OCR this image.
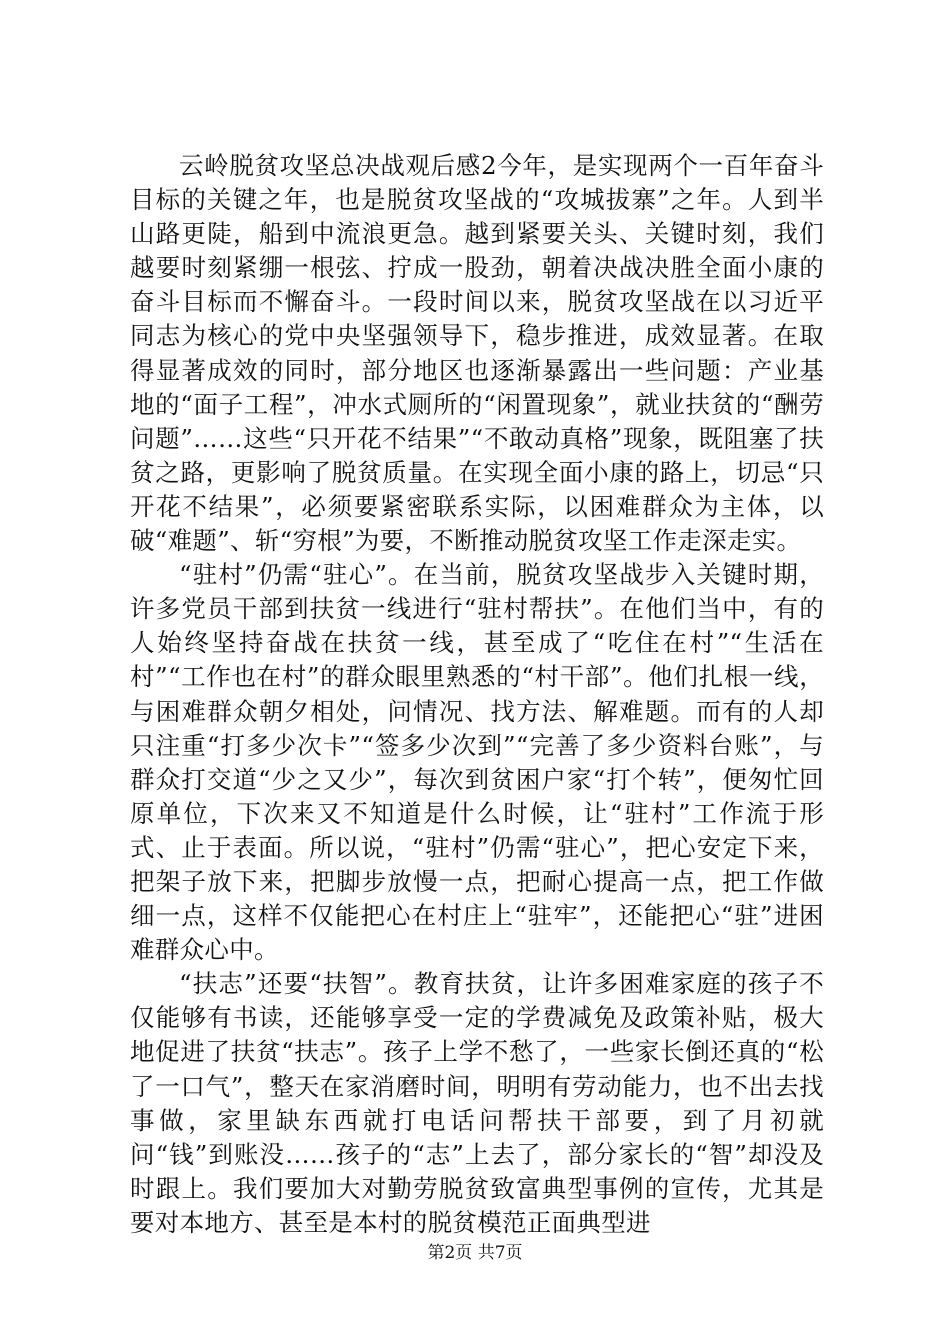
云岭脱贫攻坚总决战观后感2今年，是实现两个一百年奋斗目标的关键之年，也是脱贫攻坚战的“攻城拔寨”之年。人到半山路更陡，船到中流浪更急。越到紧要关头、关键时刻，我们越要时刻紧绷一根弦、拧成一股劲，朝着决战决胜全面小康的奋斗目标而不懈奋斗。一段时间以来，脱贫攻坚战在以习近平同志为核心的党中央坚强领导下，稳步推进，成效显著。在取得显著成效的同时，部分地区也逐渐暴露出一些问题：产业基地的“面子工程”，冲水式厕所的“闲置现象”，就业扶贫的“酬劳问题”……这些“只开花不结果”“不敢动真格”现象，既阻塞了扶贫之路，更影响了脱贫质量。在实现全面小康的路上，切忌“只开花不结果”，必须要紧密联系实际，以困难群众为主体，以破“难题”、斩“穷根”为要，不断推动脱贫攻坚工作走深走实。

“驻村”仍需“驻心”。在当前，脱贫攻坚战步入关键时期，许多党员干部到扶贫一线进行“驻村帮扶”。在他们当中，有的人始终坚持奋战在扶贫一线，甚至成了“吃住在村”“生活在村”“工作也在村”的群众眼里熟悉的“村干部”。他们扎根一线，与困难群众朝夕相处，问情况、找方法、解难题。而有的人却只注重“打多少次卡”“签多少次到”“完善了多少资料台账”，与群众打交道“少之又少”，每次到贫困户家“打个转”，便匆忙回原单位，下次来又不知道是什么时候，让“驻村”工作流于形式、止于表面。所以说，“驻村”仍需“驻心”，把心安定下来，把架子放下来，把脚步放慢一点，把耐心提高一点，把工作做细一点，这样不仅能把心在村庄上“驻牢”，还能把心“驻”进困难群众心中。

“扶志”还要“扶智”。教育扶贫，让许多困难家庭的孩子不仅能够有书读，还能够享受一定的学费减免及政策补贴，极大地促进了扶贫“扶志”。孩子上学不愁了，一些家长倒还真的“松了一口气”，整天在家消磨时间，明明有劳动能力，也不出去找事做，家里缺东西就打电话问帮扶干部要，到了月初就问“钱”到账没……孩子的“志”上去了，部分家长的“智”却没及时跟上。我们要加大对勤劳脱贫致富典型事例的宣传，尤其是要对本地方、甚至是本村的脱贫模范正面典型进

第2页 共7页
